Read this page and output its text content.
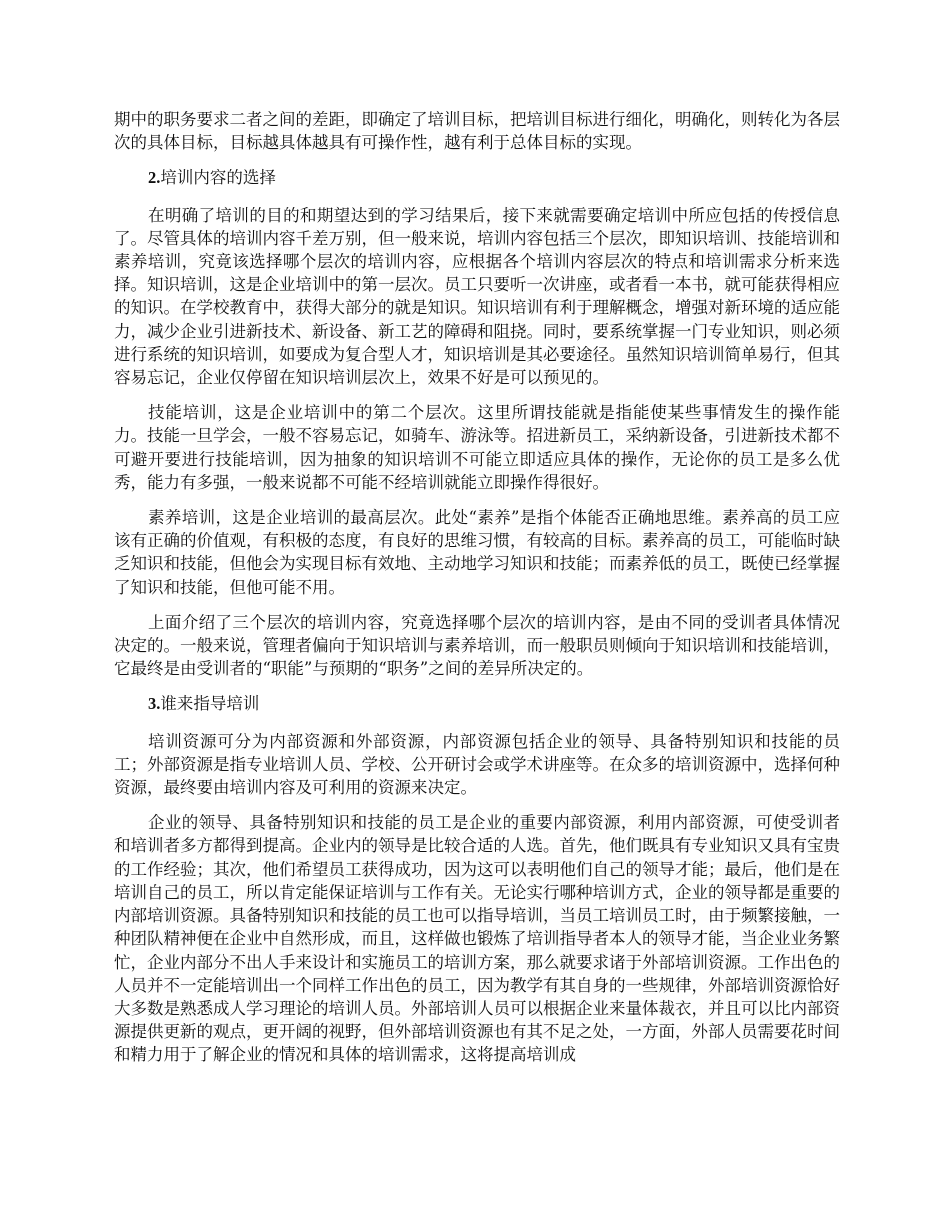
期中的职务要求二者之间的差距，即确定了培训目标，把培训目标进行细化，明确化，则转化为各层次的具体目标，目标越具体越具有可操作性，越有利于总体目标的实现。

2.培训内容的选择

在明确了培训的目的和期望达到的学习结果后，接下来就需要确定培训中所应包括的传授信息了。尽管具体的培训内容千差万别，但一般来说，培训内容包括三个层次，即知识培训、技能培训和素养培训，究竟该选择哪个层次的培训内容，应根据各个培训内容层次的特点和培训需求分析来选择。知识培训，这是企业培训中的第一层次。员工只要听一次讲座，或者看一本书，就可能获得相应的知识。在学校教育中，获得大部分的就是知识。知识培训有利于理解概念，增强对新环境的适应能力，减少企业引进新技术、新设备、新工艺的障碍和阻挠。同时，要系统掌握一门专业知识，则必须进行系统的知识培训，如要成为复合型人才，知识培训是其必要途径。虽然知识培训简单易行，但其容易忘记，企业仅停留在知识培训层次上，效果不好是可以预见的。

技能培训，这是企业培训中的第二个层次。这里所谓技能就是指能使某些事情发生的操作能力。技能一旦学会，一般不容易忘记，如骑车、游泳等。招进新员工，采纳新设备，引进新技术都不可避开要进行技能培训，因为抽象的知识培训不可能立即适应具体的操作，无论你的员工是多么优秀，能力有多强，一般来说都不可能不经培训就能立即操作得很好。

素养培训，这是企业培训的最高层次。此处“素养”是指个体能否正确地思维。素养高的员工应该有正确的价值观，有积极的态度，有良好的思维习惯，有较高的目标。素养高的员工，可能临时缺乏知识和技能，但他会为实现目标有效地、主动地学习知识和技能；而素养低的员工，既使已经掌握了知识和技能，但他可能不用。

上面介绍了三个层次的培训内容，究竟选择哪个层次的培训内容，是由不同的受训者具体情况决定的。一般来说，管理者偏向于知识培训与素养培训，而一般职员则倾向于知识培训和技能培训，它最终是由受训者的“职能”与预期的“职务”之间的差异所决定的。

3.谁来指导培训

培训资源可分为内部资源和外部资源，内部资源包括企业的领导、具备特别知识和技能的员工；外部资源是指专业培训人员、学校、公开研讨会或学术讲座等。在众多的培训资源中，选择何种资源，最终要由培训内容及可利用的资源来决定。

企业的领导、具备特别知识和技能的员工是企业的重要内部资源，利用内部资源，可使受训者和培训者多方都得到提高。企业内的领导是比较合适的人选。首先，他们既具有专业知识又具有宝贵的工作经验；其次，他们希望员工获得成功，因为这可以表明他们自己的领导才能；最后，他们是在培训自己的员工，所以肯定能保证培训与工作有关。无论实行哪种培训方式，企业的领导都是重要的内部培训资源。具备特别知识和技能的员工也可以指导培训，当员工培训员工时，由于频繁接触，一种团队精神便在企业中自然形成，而且，这样做也锻炼了培训指导者本人的领导才能，当企业业务繁忙，企业内部分不出人手来设计和实施员工的培训方案，那么就要求诸于外部培训资源。工作出色的人员并不一定能培训出一个同样工作出色的员工，因为教学有其自身的一些规律，外部培训资源恰好大多数是熟悉成人学习理论的培训人员。外部培训人员可以根据企业来量体裁衣，并且可以比内部资源提供更新的观点，更开阔的视野，但外部培训资源也有其不足之处，一方面，外部人员需要花时间和精力用于了解企业的情况和具体的培训需求，这将提高培训成
